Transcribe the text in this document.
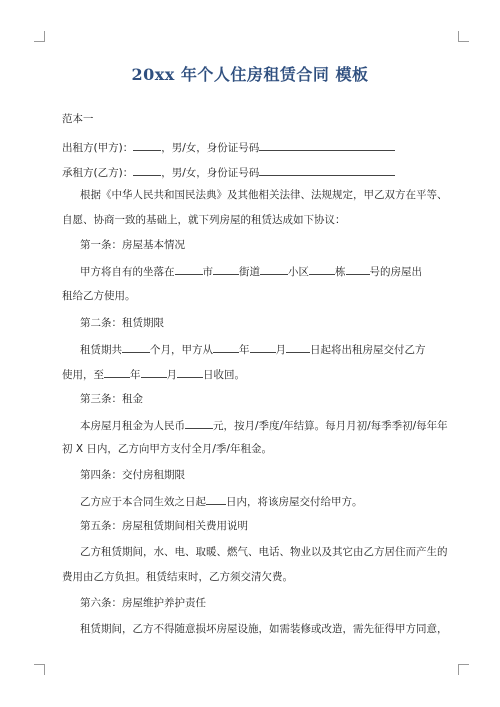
20xx 年个人住房租赁合同 模板
范本一
出租方(甲方)：	，男/女，身份证号码
承租方(乙方)：	，男/女，身份证号码
根据《中华人民共和国民法典》及其他相关法律、法规规定，甲乙双方在平等、
自愿、协商一致的基础上，就下列房屋的租赁达成如下协议：
第一条：房屋基本情况
甲方将自有的坐落在	市 街道	小区 栋 号的房屋出
租给乙方使用。
第二条：租赁期限
租赁期共	个月，甲方从 年 月 日起将出租房屋交付乙方
使用，至 年 月 日收回。
第三条：租金
本房屋月租金为人民币	元，按月/季度/年结算。每月月初/每季季初/每年年
初 X 日内，乙方向甲方支付全月/季/年租金。
第四条：交付房租期限
乙方应于本合同生效之日起 日内，将该房屋交付给甲方。
第五条：房屋租赁期间相关费用说明
乙方租赁期间，水、电、取暖、燃气、电话、物业以及其它由乙方居住而产生的
费用由乙方负担。租赁结束时，乙方须交清欠费。
第六条：房屋维护养护责任
租赁期间，乙方不得随意损坏房屋设施，如需装修或改造，需先征得甲方同意，
